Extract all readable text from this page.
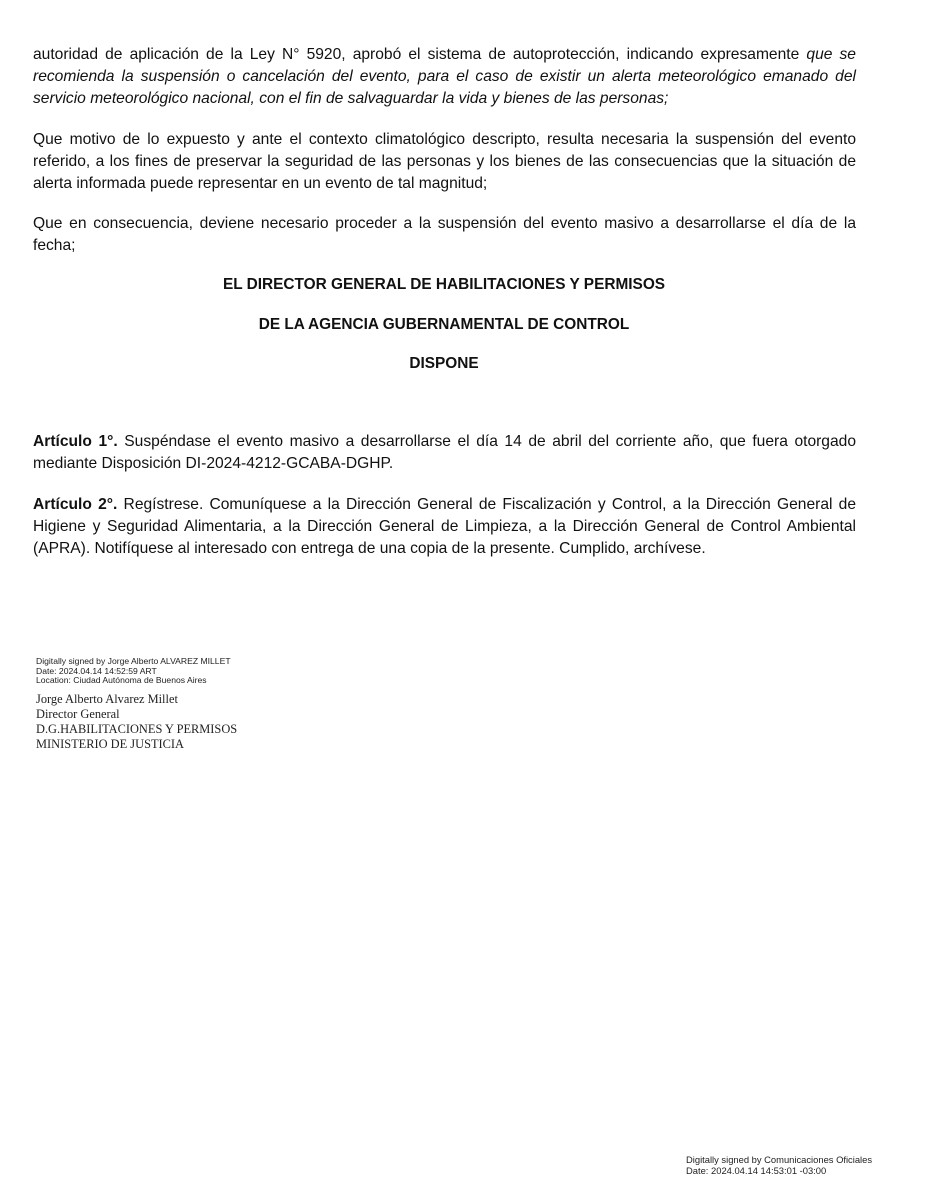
autoridad de aplicación de la Ley N° 5920, aprobó el sistema de autoprotección, indicando expresamente que se recomienda la suspensión o cancelación del evento, para el caso de existir un alerta meteorológico emanado del servicio meteorológico nacional, con el fin de salvaguardar la vida y bienes de las personas;

Que motivo de lo expuesto y ante el contexto climatológico descripto, resulta necesaria la suspensión del evento referido, a los fines de preservar la seguridad de las personas y los bienes de las consecuencias que la situación de alerta informada puede representar en un evento de tal magnitud;

Que en consecuencia, deviene necesario proceder a la suspensión del evento masivo a desarrollarse el día de la fecha;

EL DIRECTOR GENERAL DE HABILITACIONES Y PERMISOS

DE LA AGENCIA GUBERNAMENTAL DE CONTROL

DISPONE

Artículo 1°. Suspéndase el evento masivo a desarrollarse el día 14 de abril del corriente año, que fuera otorgado mediante Disposición DI-2024-4212-GCABA-DGHP.

Artículo 2°. Regístrese. Comuníquese a la Dirección General de Fiscalización y Control, a la Dirección General de Higiene y Seguridad Alimentaria, a la Dirección General de Limpieza, a la Dirección General de Control Ambiental (APRA). Notifíquese al interesado con entrega de una copia de la presente. Cumplido, archívese.

Digitally signed by Jorge Alberto ALVAREZ MILLET
Date: 2024.04.14 14:52:59 ART
Location: Ciudad Autónoma de Buenos Aires
Jorge Alberto Alvarez Millet
Director General
D.G.HABILITACIONES Y PERMISOS
MINISTERIO DE JUSTICIA
Digitally signed by Comunicaciones Oficiales
Date: 2024.04.14 14:53:01 -03:00
